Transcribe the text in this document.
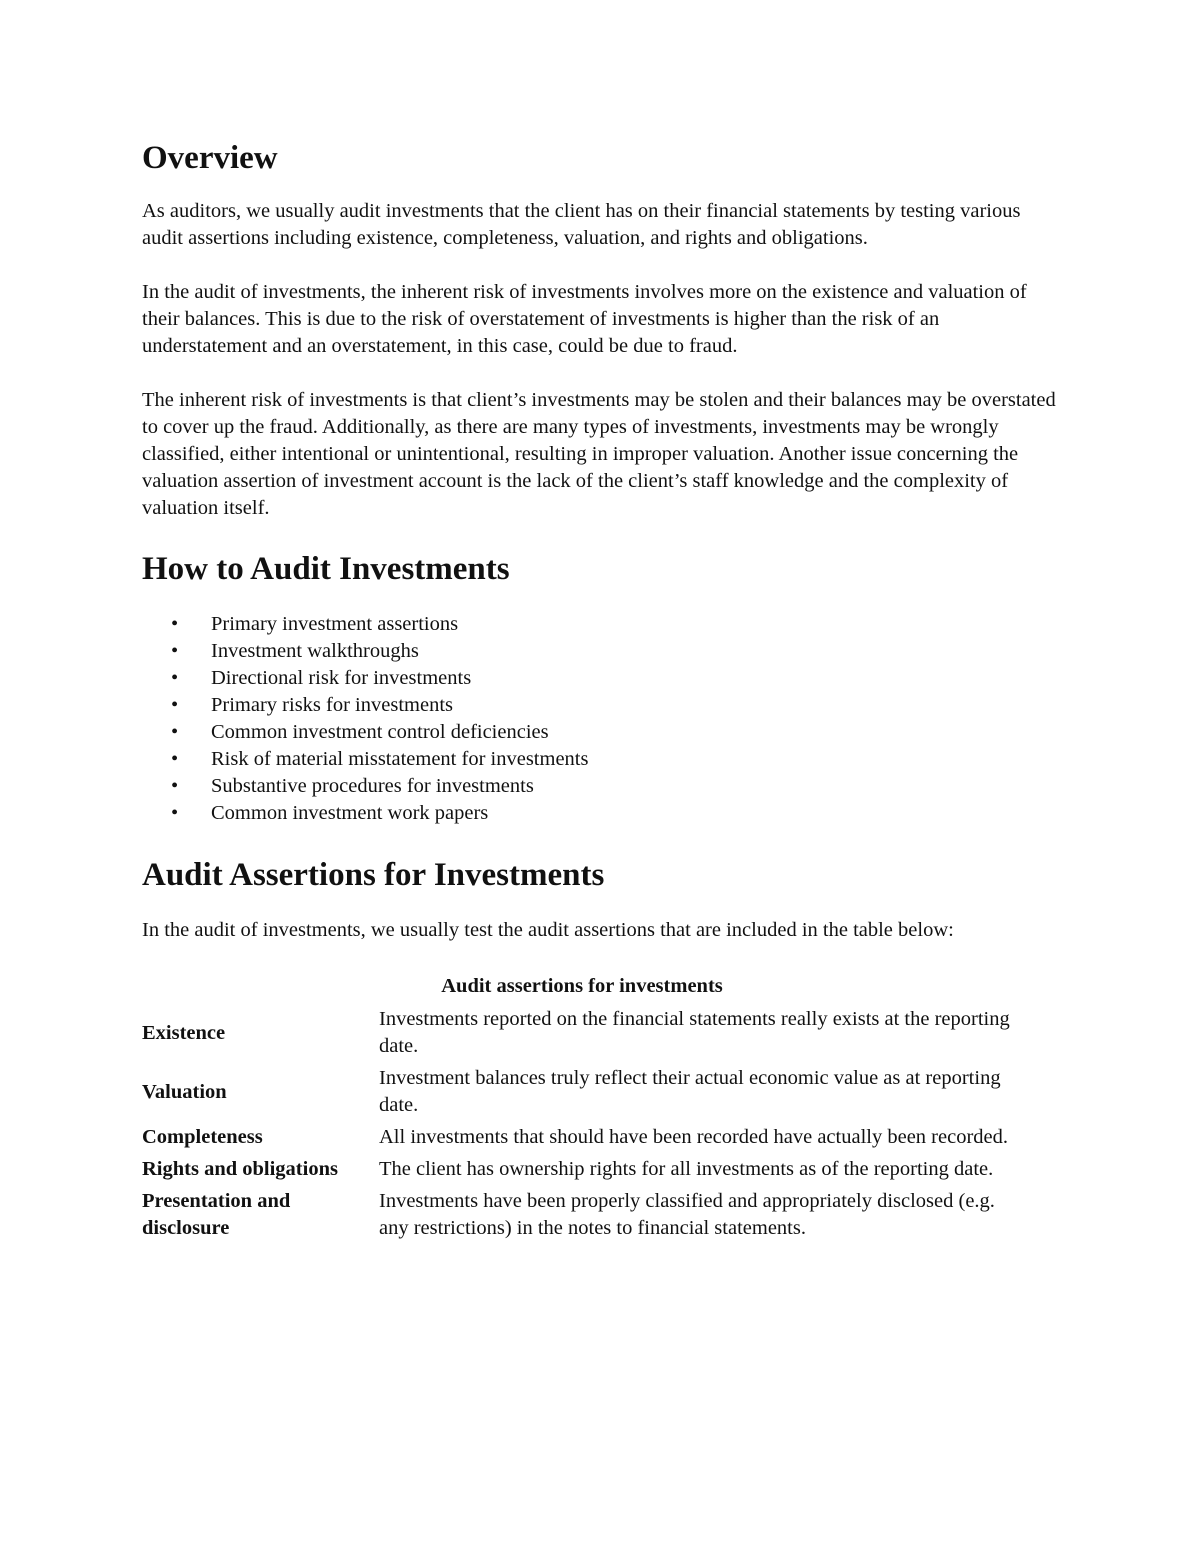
Overview

As auditors, we usually audit investments that the client has on their financial statements by testing various audit assertions including existence, completeness, valuation, and rights and obligations.

In the audit of investments, the inherent risk of investments involves more on the existence and valuation of their balances. This is due to the risk of overstatement of investments is higher than the risk of an understatement and an overstatement, in this case, could be due to fraud.

The inherent risk of investments is that client’s investments may be stolen and their balances may be overstated to cover up the fraud. Additionally, as there are many types of investments, investments may be wrongly classified, either intentional or unintentional, resulting in improper valuation. Another issue concerning the valuation assertion of investment account is the lack of the client’s staff knowledge and the complexity of valuation itself.

How to Audit Investments
• Primary investment assertions
• Investment walkthroughs
• Directional risk for investments
• Primary risks for investments
• Common investment control deficiencies
• Risk of material misstatement for investments
• Substantive procedures for investments
• Common investment work papers
Audit Assertions for Investments

In the audit of investments, we usually test the audit assertions that are included in the table below:

Audit assertions for investments
Existence	Investments reported on the financial statements really exists at the reporting date.
Valuation	Investment balances truly reflect their actual economic value as at reporting date.
Completeness	All investments that should have been recorded have actually been recorded.
Rights and obligations	The client has ownership rights for all investments as of the reporting date.
Presentation and disclosure	Investments have been properly classified and appropriately disclosed (e.g. any restrictions) in the notes to financial statements.
